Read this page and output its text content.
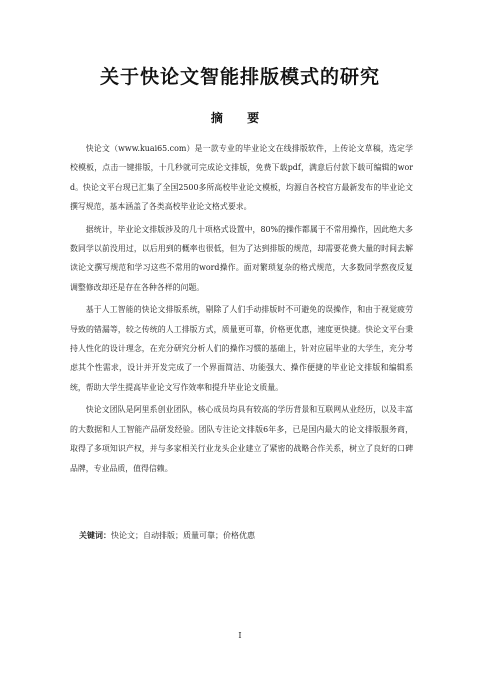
关于快论文智能排版模式的研究
摘 要

快论文（www.kuai65.com）是一款专业的毕业论文在线排版软件，上传论文草稿，选定学校模板，点击一键排版，十几秒就可完成论文排版，免费下载pdf，满意后付款下载可编辑的word。快论文平台现已汇集了全国2500多所高校毕业论文模板，均源自各校官方最新发布的毕业论文撰写规范，基本涵盖了各类高校毕业论文格式要求。

据统计，毕业论文排版涉及的几十项格式设置中，80%的操作都属于不常用操作，因此绝大多数同学以前没用过，以后用到的概率也很低，但为了达到排版的规范，却需要花费大量的时间去解读论文撰写规范和学习这些不常用的word操作。面对繁琐复杂的格式规范，大多数同学熬夜反复调整修改却还是存在各种各样的问题。

基于人工智能的快论文排版系统，剔除了人们手动排版时不可避免的误操作，和由于视觉疲劳导致的错漏等，较之传统的人工排版方式，质量更可靠，价格更优惠，速度更快捷。快论文平台秉持人性化的设计理念，在充分研究分析人们的操作习惯的基础上，针对应届毕业的大学生，充分考虑其个性需求，设计并开发完成了一个界面简洁、功能强大、操作便捷的毕业论文排版和编辑系统，帮助大学生提高毕业论文写作效率和提升毕业论文质量。

快论文团队是阿里系创业团队，核心成员均具有较高的学历背景和互联网从业经历，以及丰富的大数据和人工智能产品研发经验。团队专注论文排版6年多，已是国内最大的论文排版服务商，取得了多项知识产权，并与多家相关行业龙头企业建立了紧密的战略合作关系，树立了良好的口碑品牌，专业品质，值得信赖。

关键词：快论文；自动排版；质量可靠；价格优惠
I
